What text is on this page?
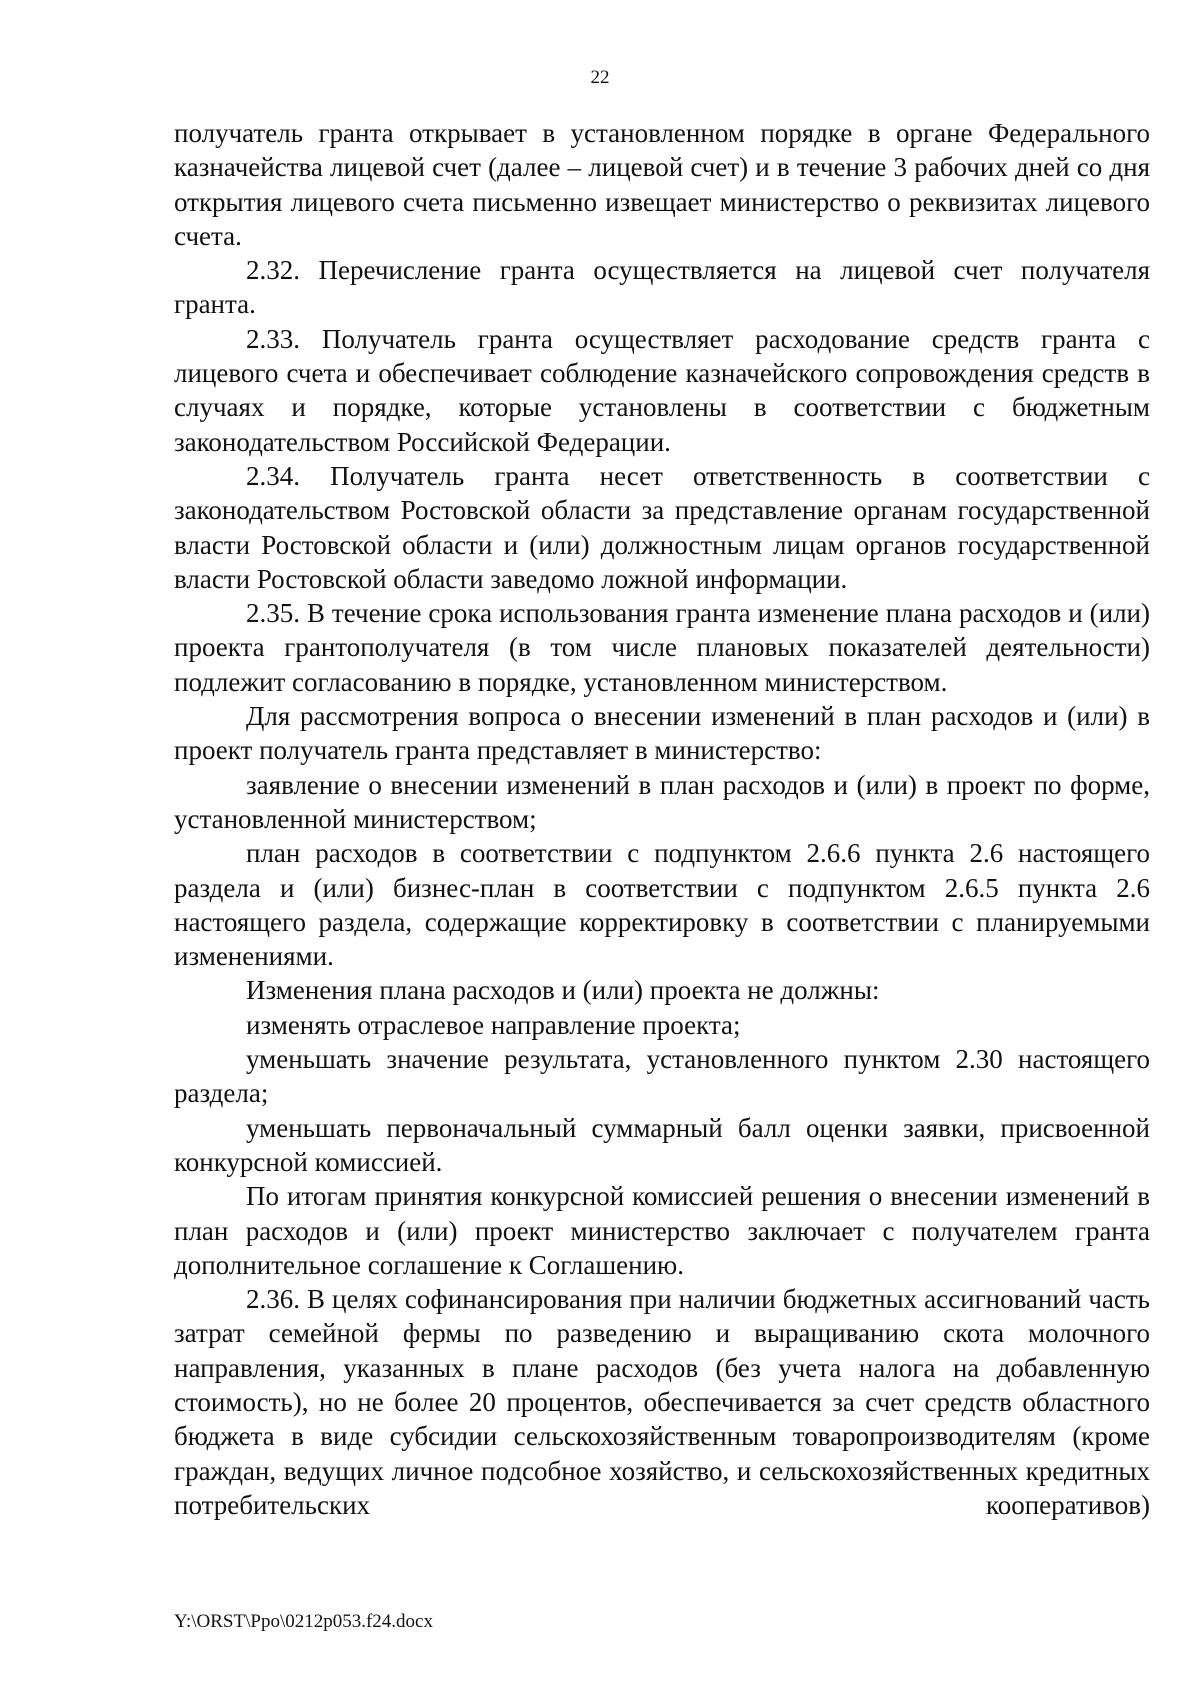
22

получатель гранта открывает в установленном порядке в органе Федерального казначейства лицевой счет (далее – лицевой счет) и в течение 3 рабочих дней со дня открытия лицевого счета письменно извещает министерство о реквизитах лицевого счета.

2.32. Перечисление гранта осуществляется на лицевой счет получателя гранта.

2.33. Получатель гранта осуществляет расходование средств гранта с лицевого счета и обеспечивает соблюдение казначейского сопровождения средств в случаях и порядке, которые установлены в соответствии с бюджетным законодательством Российской Федерации.

2.34. Получатель гранта несет ответственность в соответствии с законодательством Ростовской области за представление органам государственной власти Ростовской области и (или) должностным лицам органов государственной власти Ростовской области заведомо ложной информации.

2.35. В течение срока использования гранта изменение плана расходов и (или) проекта грантополучателя (в том числе плановых показателей деятельности) подлежит согласованию в порядке, установленном министерством.

Для рассмотрения вопроса о внесении изменений в план расходов и (или) в проект получатель гранта представляет в министерство:

заявление о внесении изменений в план расходов и (или) в проект по форме, установленной министерством;

план расходов в соответствии с подпунктом 2.6.6 пункта 2.6 настоящего раздела и (или) бизнес-план в соответствии с подпунктом 2.6.5 пункта 2.6 настоящего раздела, содержащие корректировку в соответствии с планируемыми изменениями.

Изменения плана расходов и (или) проекта не должны:

изменять отраслевое направление проекта;

уменьшать значение результата, установленного пунктом 2.30 настоящего раздела;

уменьшать первоначальный суммарный балл оценки заявки, присвоенной конкурсной комиссией.

По итогам принятия конкурсной комиссией решения о внесении изменений в план расходов и (или) проект министерство заключает с получателем гранта дополнительное соглашение к Соглашению.

2.36. В целях софинансирования при наличии бюджетных ассигнований часть затрат семейной фермы по разведению и выращиванию скота молочного направления, указанных в плане расходов (без учета налога на добавленную стоимость), но не более 20 процентов, обеспечивается за счет средств областного бюджета в виде субсидии сельскохозяйственным товаропроизводителям (кроме граждан, ведущих личное подсобное хозяйство, и сельскохозяйственных кредитных потребительских кооперативов)

Y:\ORST\Ppo\0212p053.f24.docx
